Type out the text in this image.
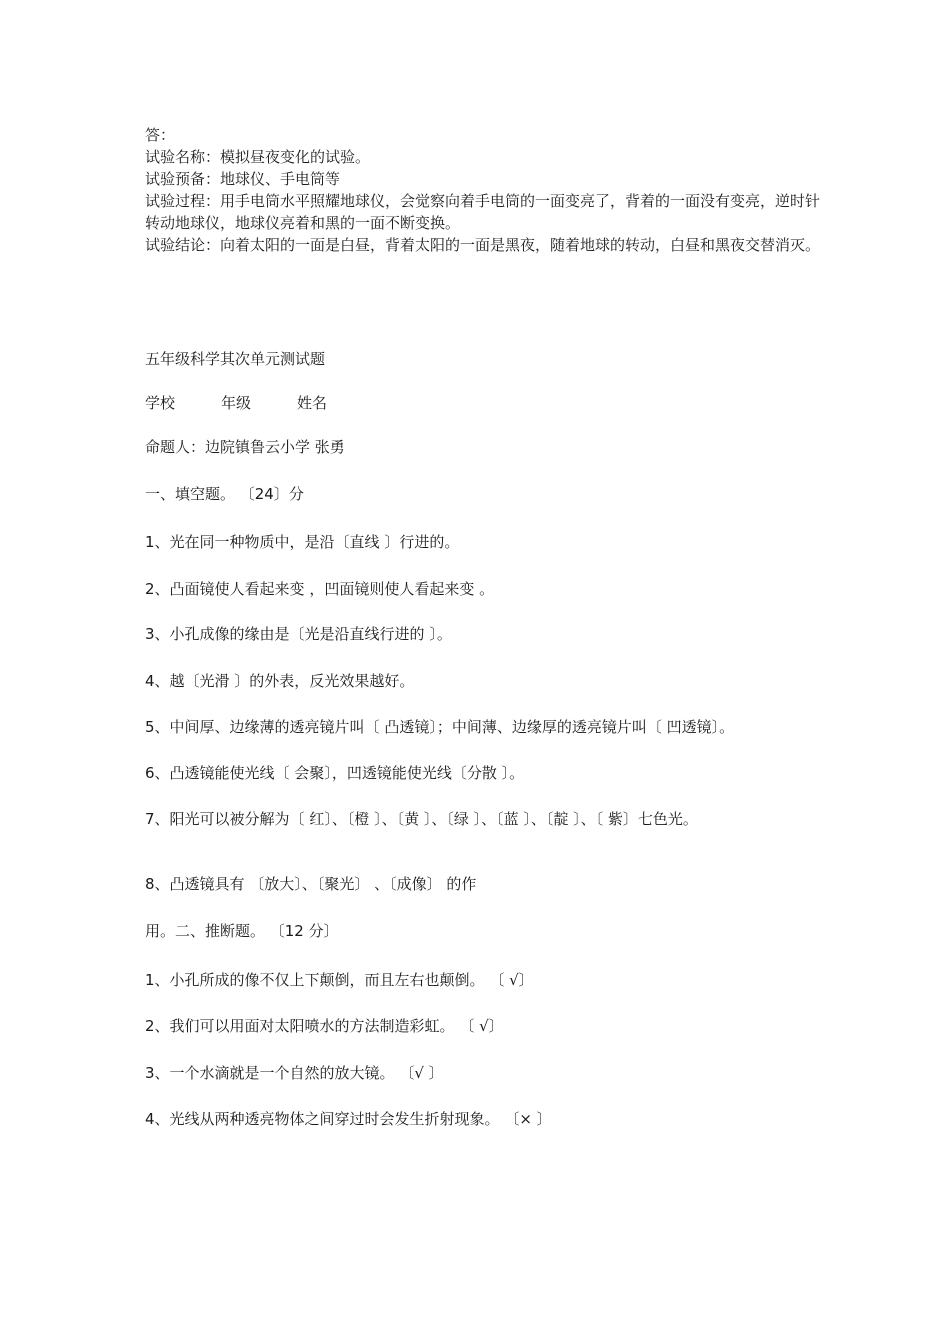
答：

试验名称：模拟昼夜变化的试验。

试验预备：地球仪、手电筒等

试验过程：用手电筒水平照耀地球仪，会觉察向着手电筒的一面变亮了，背着的一面没有变亮，逆时针转动地球仪，地球仪亮着和黑的一面不断变换。

试验结论：向着太阳的一面是白昼，背着太阳的一面是黑夜，随着地球的转动，白昼和黑夜交替消灭。

五年级科学其次单元测试题

学校	年级	姓名

命题人：边院镇鲁云小学 张勇

一、填空题。 〔24〕分

1、光在同一种物质中，是沿〔直线 〕行进的。

2、凸面镜使人看起来变 ，凹面镜则使人看起来变 。

3、小孔成像的缘由是〔光是沿直线行进的 〕。

4、越〔光滑 〕的外表，反光效果越好。

5、中间厚、边缘薄的透亮镜片叫〔 凸透镜〕；中间薄、边缘厚的透亮镜片叫〔 凹透镜〕。

6、凸透镜能使光线〔 会聚〕，凹透镜能使光线〔分散 〕。

7、阳光可以被分解为〔 红〕、〔橙 〕、〔黄 〕、〔绿 〕、〔蓝 〕、〔靛 〕、〔 紫〕七色光。

8、凸透镜具有 〔放大〕、〔聚光〕 、〔成像〕 的作

用。二、推断题。 〔12 分〕

1、小孔所成的像不仅上下颠倒，而且左右也颠倒。 〔 √〕

2、我们可以用面对太阳喷水的方法制造彩虹。 〔 √〕

3、一个水滴就是一个自然的放大镜。 〔√ 〕

4、光线从两种透亮物体之间穿过时会发生折射现象。 〔× 〕
